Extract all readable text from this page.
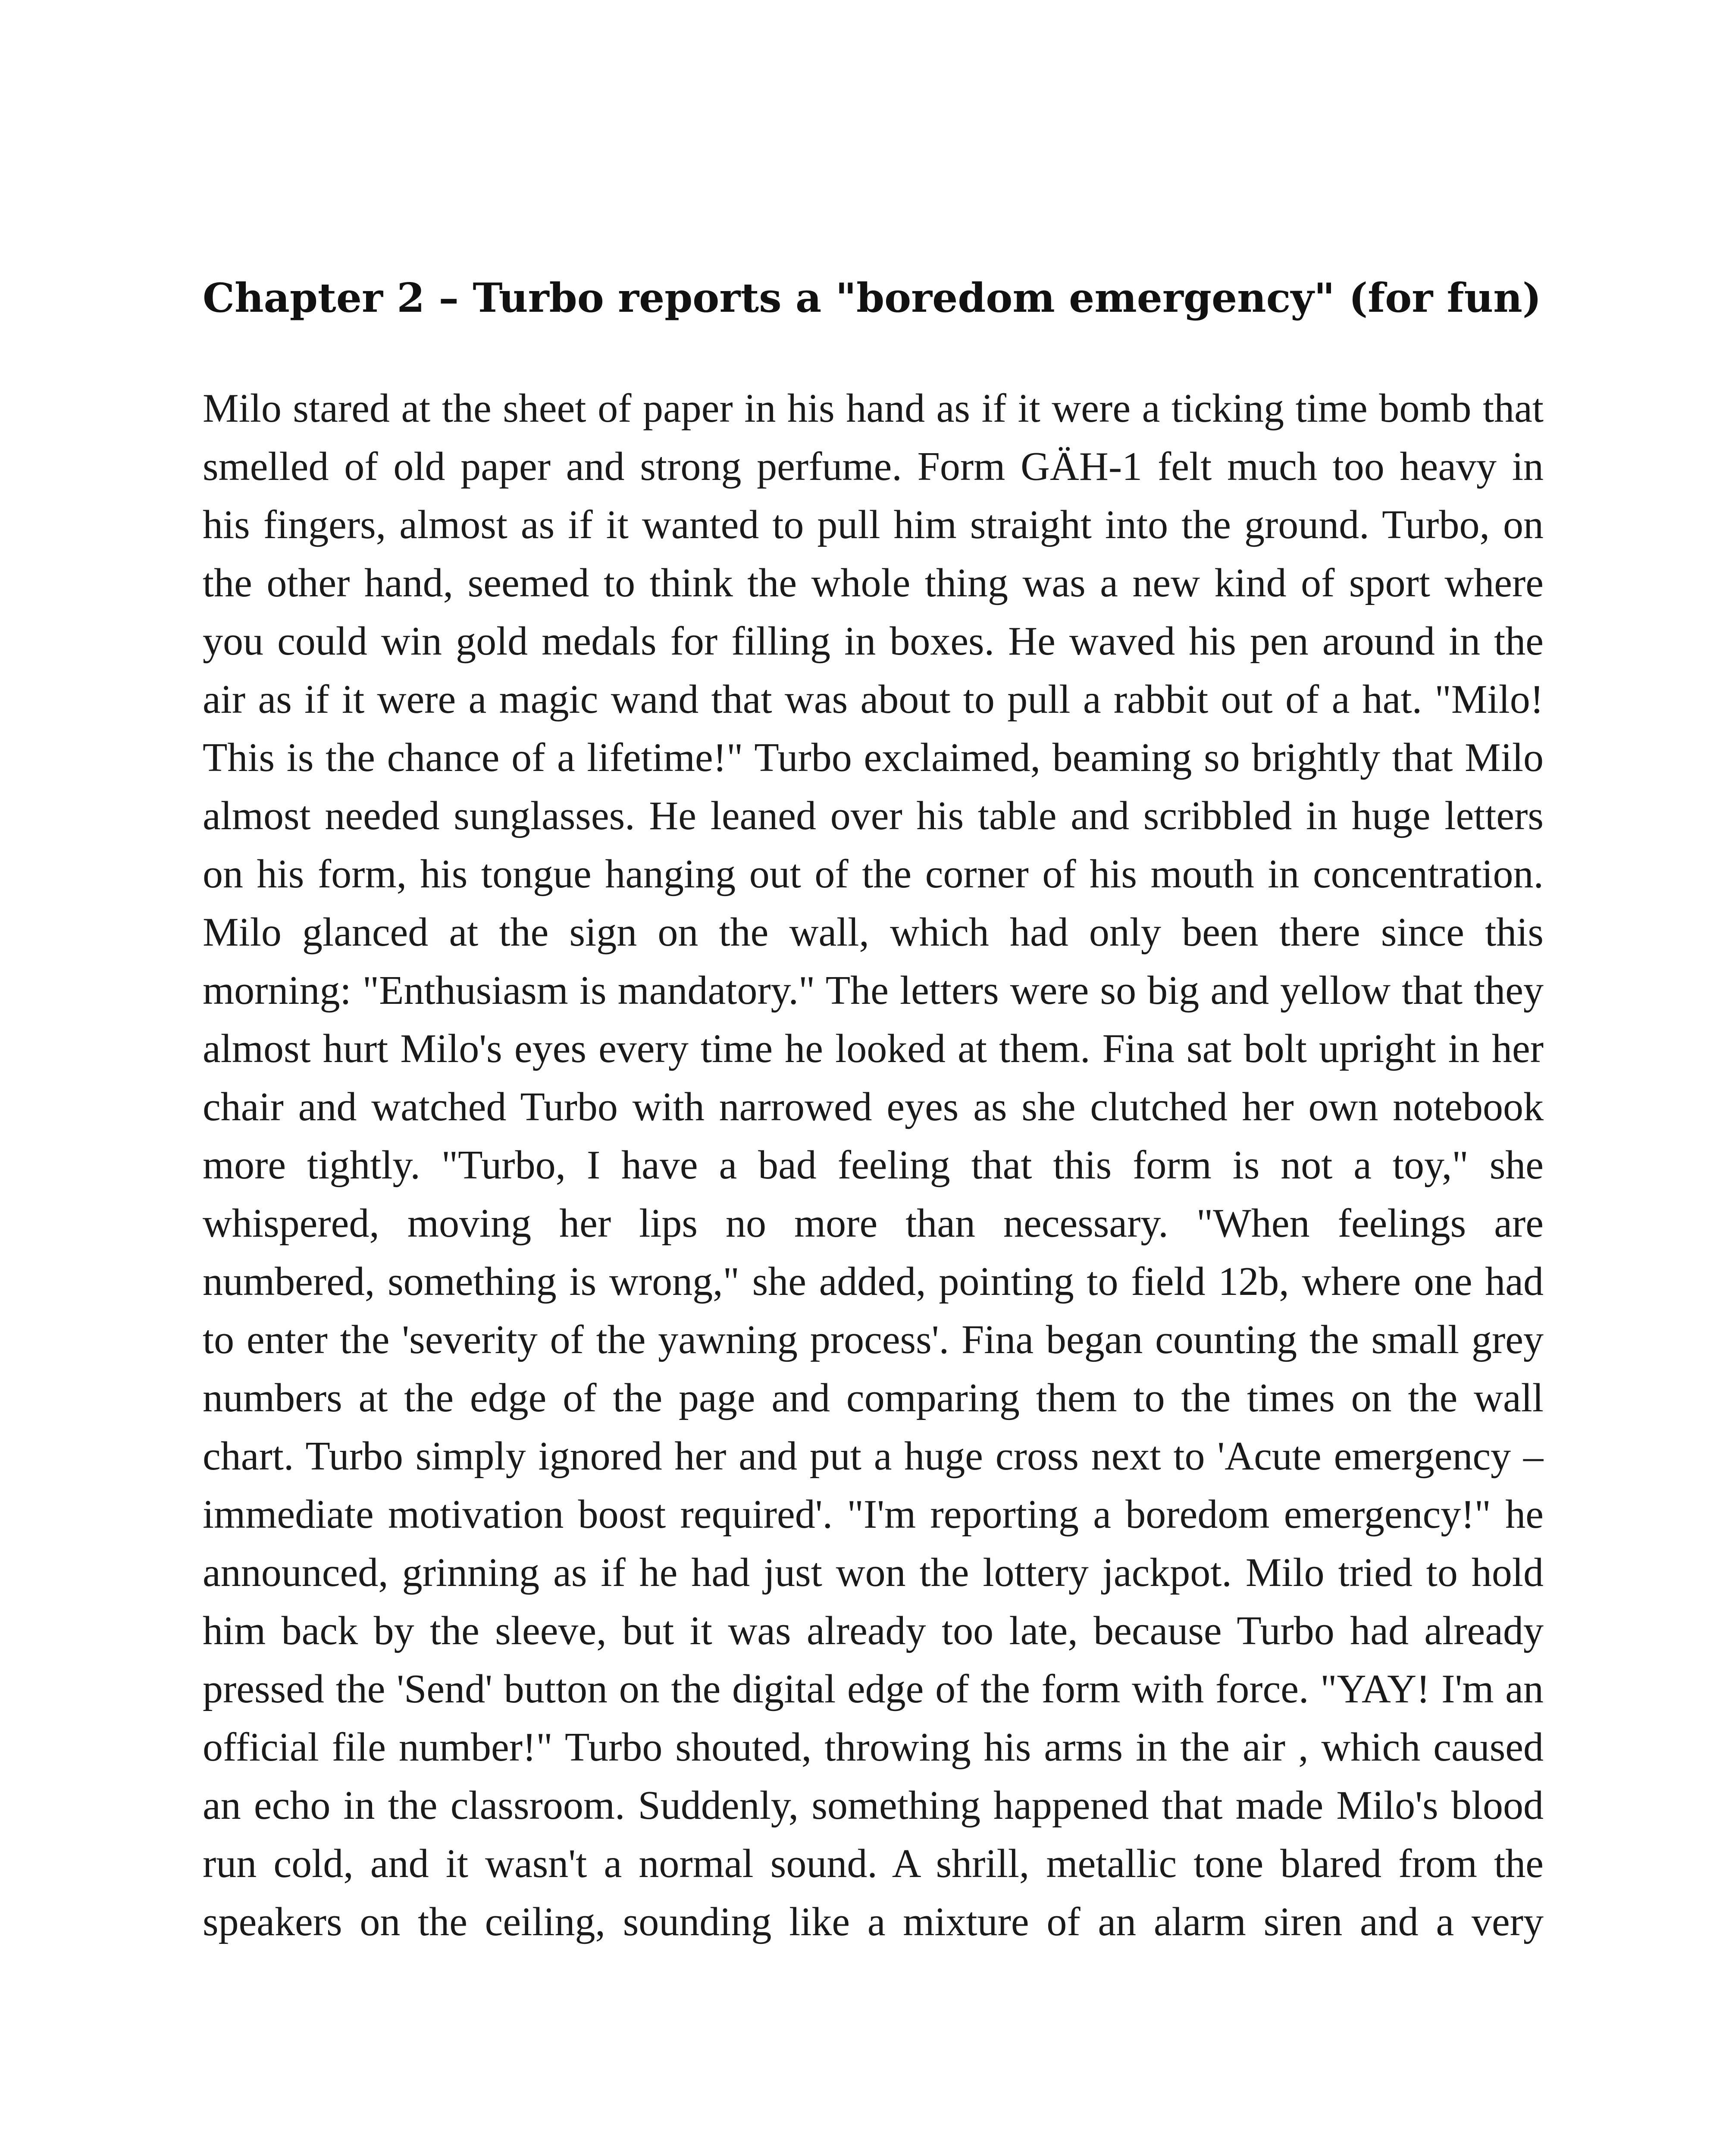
Chapter 2 – Turbo reports a "boredom emergency" (for fun)
Milo stared at the sheet of paper in his hand as if it were a ticking time bomb that
smelled of old paper and strong perfume. Form GÄH-1 felt much too heavy in
his fingers, almost as if it wanted to pull him straight into the ground. Turbo, on
the other hand, seemed to think the whole thing was a new kind of sport where
you could win gold medals for filling in boxes. He waved his pen around in the
air as if it were a magic wand that was about to pull a rabbit out of a hat. "Milo!
This is the chance of a lifetime!" Turbo exclaimed, beaming so brightly that Milo
almost needed sunglasses. He leaned over his table and scribbled in huge letters
on his form, his tongue hanging out of the corner of his mouth in concentration.
Milo glanced at the sign on the wall, which had only been there since this
morning: "Enthusiasm is mandatory." The letters were so big and yellow that they
almost hurt Milo's eyes every time he looked at them. Fina sat bolt upright in her
chair and watched Turbo with narrowed eyes as she clutched her own notebook
more tightly. "Turbo, I have a bad feeling that this form is not a toy," she
whispered, moving her lips no more than necessary. "When feelings are
numbered, something is wrong," she added, pointing to field 12b, where one had
to enter the 'severity of the yawning process'. Fina began counting the small grey
numbers at the edge of the page and comparing them to the times on the wall
chart. Turbo simply ignored her and put a huge cross next to 'Acute emergency –
immediate motivation boost required'. "I'm reporting a boredom emergency!" he
announced, grinning as if he had just won the lottery jackpot. Milo tried to hold
him back by the sleeve, but it was already too late, because Turbo had already
pressed the 'Send' button on the digital edge of the form with force. "YAY! I'm an
official file number!" Turbo shouted, throwing his arms in the air , which caused
an echo in the classroom. Suddenly, something happened that made Milo's blood
run cold, and it wasn't a normal sound. A shrill, metallic tone blared from the
speakers on the ceiling, sounding like a mixture of an alarm siren and a very
